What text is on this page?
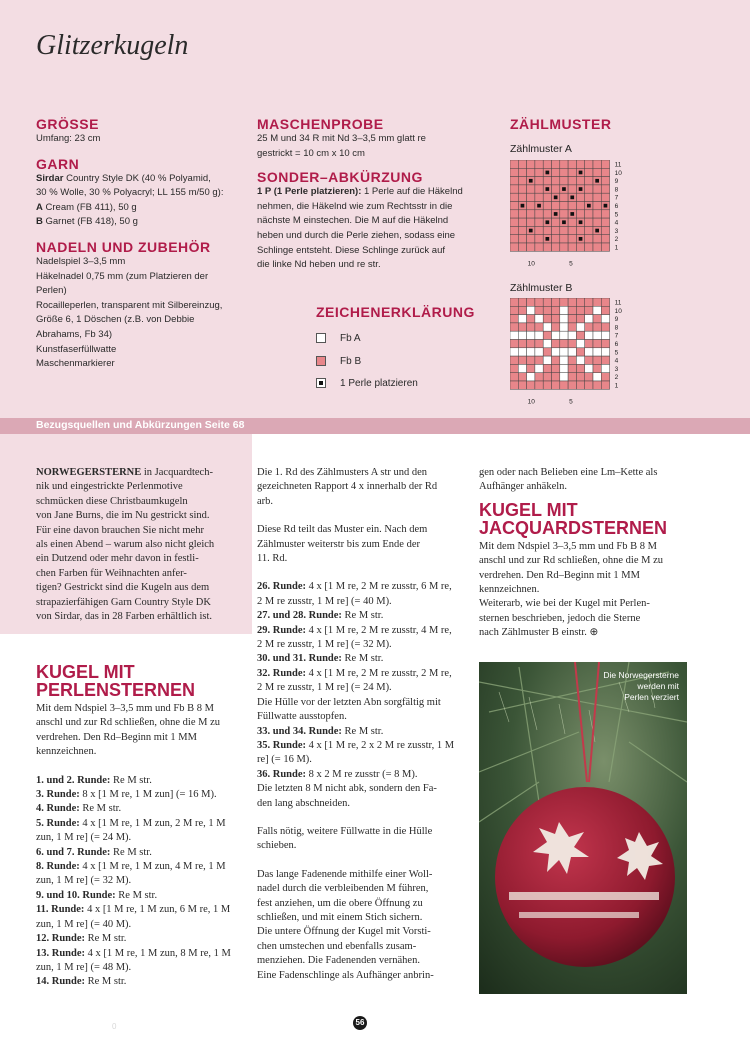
Glitzerkugeln

GRÖSSE

Umfang: 23 cm

GARN

Sirdar Country Style DK (40 % Polyamid,
30 % Wolle, 30 % Polyacryl; LL 155 m/50 g):
A Cream (FB 411), 50 g
B Garnet (FB 418), 50 g

NADELN UND ZUBEHÖR

Nadelspiel 3–3,5 mm
Häkelnadel 0,75 mm (zum Platzieren der
Perlen)
Rocailleperlen, transparent mit Silbereinzug,
Größe 6, 1 Döschen (z.B. von Debbie
Abrahams, Fb 34)
Kunstfaserfüllwatte
Maschenmarkierer

MASCHENPROBE

25 M und 34 R mit Nd 3–3,5 mm glatt re
gestrickt = 10 cm x 10 cm

SONDER–ABKÜRZUNG

1 P (1 Perle platzieren): 1 Perle auf die Häkelnd
nehmen, die Häkelnd wie zum Rechtsstr in die
nächste M einstechen. Die M auf die Häkelnd
heben und durch die Perle ziehen, sodass eine
Schlinge entsteht. Diese Schlinge zurück auf
die linke Nd heben und re str.

ZEICHENERKLÄRUNG

Fb A
Fb B
1 Perle platzieren

ZÄHLMUSTER

Zählmuster A
11
10
9
8
7
6
5
4
3
2
1
10	5
Zählmuster B
11
10
9
8
7
6
5
4
3
2
1
10	5
Bezugsquellen und Abkürzungen Seite 68
NORWEGERSTERNE in Jacquardtech-
nik und eingestrickte Perlenmotive
schmücken diese Christbaumkugeln
von Jane Burns, die im Nu gestrickt sind.
Für eine davon brauchen Sie nicht mehr
als einen Abend – warum also nicht gleich
ein Dutzend oder mehr davon in festli-
chen Farben für Weihnachten anfer-
tigen? Gestrickt sind die Kugeln aus dem
strapazierfähigen Garn Country Style DK
von Sirdar, das in 28 Farben erhältlich ist.

KUGEL MIT

PERLENSTERNEN

Mit dem Ndspiel 3–3,5 mm und Fb B 8 M
anschl und zur Rd schließen, ohne die M zu
verdrehen. Den Rd–Beginn mit 1 MM
kennzeichnen.
1. und 2. Runde: Re M str.
3. Runde: 8 x [1 M re, 1 M zun] (= 16 M).
4. Runde: Re M str.
5. Runde: 4 x [1 M re, 1 M zun, 2 M re, 1 M
zun, 1 M re] (= 24 M).
6. und 7. Runde: Re M str.
8. Runde: 4 x [1 M re, 1 M zun, 4 M re, 1 M
zun, 1 M re] (= 32 M).
9. und 10. Runde: Re M str.
11. Runde: 4 x [1 M re, 1 M zun, 6 M re, 1 M
zun, 1 M re] (= 40 M).
12. Runde: Re M str.
13. Runde: 4 x [1 M re, 1 M zun, 8 M re, 1 M
zun, 1 M re] (= 48 M).
14. Runde: Re M str.
Die 1. Rd des Zählmusters A str und den
gezeichneten Rapport 4 x innerhalb der Rd
arb.
Diese Rd teilt das Muster ein. Nach dem
Zählmuster weiterstr bis zum Ende der
11. Rd.
26. Runde: 4 x [1 M re, 2 M re zusstr, 6 M re,
2 M re zusstr, 1 M re] (= 40 M).
27. und 28. Runde: Re M str.
29. Runde: 4 x [1 M re, 2 M re zusstr, 4 M re,
2 M re zusstr, 1 M re] (= 32 M).
30. und 31. Runde: Re M str.
32. Runde: 4 x [1 M re, 2 M re zusstr, 2 M re,
2 M re zusstr, 1 M re] (= 24 M).
Die Hülle vor der letzten Abn sorgfältig mit
Füllwatte ausstopfen.
33. und 34. Runde: Re M str.
35. Runde: 4 x [1 M re, 2 x 2 M re zusstr, 1 M
re] (= 16 M).
36. Runde: 8 x 2 M re zusstr (= 8 M).
Die letzten 8 M nicht abk, sondern den Fa-
den lang abschneiden.
Falls nötig, weitere Füllwatte in die Hülle
schieben.
Das lange Fadenende mithilfe einer Woll-
nadel durch die verbleibenden M führen,
fest anziehen, um die obere Öffnung zu
schließen, und mit einem Stich sichern.
Die untere Öffnung der Kugel mit Vorsti-
chen umstechen und ebenfalls zusam-
menziehen. Die Fadenenden vernähen.
Eine Fadenschlinge als Aufhänger anbrin-
gen oder nach Belieben eine Lm–Kette als
Aufhänger anhäkeln.

KUGEL MIT

JACQUARDSTERNEN

Mit dem Ndspiel 3–3,5 mm und Fb B 8 M
anschl und zur Rd schließen, ohne die M zu
verdrehen. Den Rd–Beginn mit 1 MM
kennzeichnen.
Weiterarb, wie bei der Kugel mit Perlen-
sternen beschrieben, jedoch die Sterne
nach Zählmuster B einstr. ⊕
Die Norwegersterne
werden mit
Perlen verziert
56
0
